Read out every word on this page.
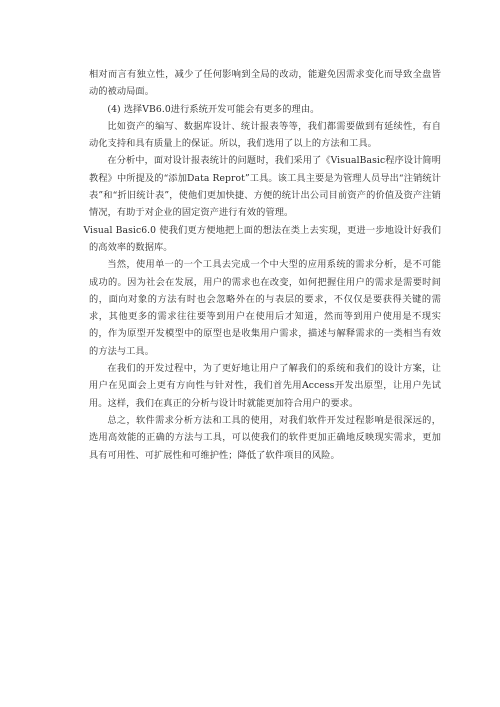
相对而言有独立性，减少了任何影响到全局的改动，能避免因需求变化而导致全盘皆动的被动局面。

(4) 选择VB6.0进行系统开发可能会有更多的理由。

比如资产的编写、数据库设计、统计报表等等，我们都需要做到有延续性，有自动化支持和具有质量上的保证。所以，我们选用了以上的方法和工具。

在分析中，面对设计报表统计的问题时，我们采用了《VisualBasic程序设计简明教程》中所提及的“添加Data Reprot”工具。该工具主要是为管理人员导出“注销统计表”和“折旧统计表”，使他们更加快捷、方便的统计出公司目前资产的价值及资产注销情况，有助于对企业的固定资产进行有效的管理。

Visual Basic6.0 使我们更方便地把上面的想法在类上去实现，更进一步地设计好我们的高效率的数据库。

当然，使用单一的一个工具去完成一个中大型的应用系统的需求分析，是不可能成功的。因为社会在发展，用户的需求也在改变，如何把握住用户的需求是需要时间的，面向对象的方法有时也会忽略外在的与表层的要求，不仅仅是要获得关键的需求，其他更多的需求往往要等到用户在使用后才知道，然而等到用户使用是不现实的，作为原型开发模型中的原型也是收集用户需求，描述与解释需求的一类相当有效的方法与工具。

在我们的开发过程中，为了更好地让用户了解我们的系统和我们的设计方案，让用户在见面会上更有方向性与针对性，我们首先用Access开发出原型，让用户先试用。这样，我们在真正的分析与设计时就能更加符合用户的要求。

总之，软件需求分析方法和工具的使用，对我们软件开发过程影响是很深远的，选用高效能的正确的方法与工具，可以使我们的软件更加正确地反映现实需求，更加具有可用性、可扩展性和可维护性；降低了软件项目的风险。
